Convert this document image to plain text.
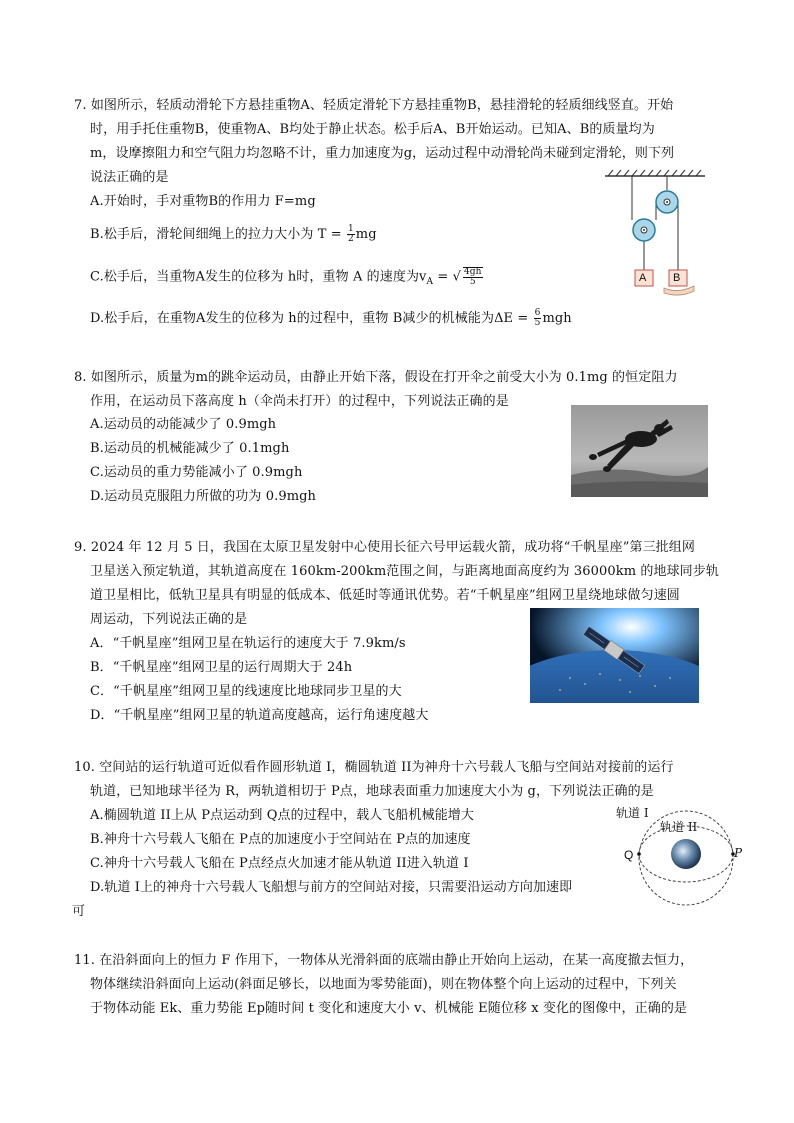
7. 如图所示，轻质动滑轮下方悬挂重物A、轻质定滑轮下方悬挂重物B，悬挂滑轮的轻质细线竖直。开始
时，用手托住重物B，使重物A、B均处于静止状态。松手后A、B开始运动。已知A、B的质量均为
m，设摩擦阻力和空气阻力均忽略不计，重力加速度为g，运动过程中动滑轮尚未碰到定滑轮，则下列
说法正确的是
A.开始时，手对重物B的作用力 F=mg
B.松手后，滑轮间细绳上的拉力大小为 $T = \frac{1}{2}$ mg
C.松手后，当重物A发生的位移为 h时，重物 A 的速度为$v_A$ = √ $\frac{4gh}{5}$
D.松手后，在重物A发生的位移为 h的过程中，重物 B减少的机械能为$\Delta E = \frac{6}{5}$ mgh
A B
8. 如图所示，质量为m的跳伞运动员，由静止开始下落，假设在打开伞之前受大小为 0.1mg 的恒定阻力
作用，在运动员下落高度 h（伞尚未打开）的过程中，下列说法正确的是
A.运动员的动能减少了 0.9mgh
B.运动员的机械能减少了 0.1mgh
C.运动员的重力势能减小了 0.9mgh
D.运动员克服阻力所做的功为 0.9mgh
9. 2024 年 12 月 5 日，我国在太原卫星发射中心使用长征六号甲运载火箭，成功将“千帆星座”第三批组网
卫星送入预定轨道，其轨道高度在 160km-200km范围之间，与距离地面高度约为 36000km 的地球同步轨
道卫星相比，低轨卫星具有明显的低成本、低延时等通讯优势。若“千帆星座”组网卫星绕地球做匀速圆
周运动，下列说法正确的是
A．“千帆星座”组网卫星在轨运行的速度大于 7.9km/s
B．“千帆星座”组网卫星的运行周期大于 24h
C．“千帆星座”组网卫星的线速度比地球同步卫星的大
D．“千帆星座”组网卫星的轨道高度越高，运行角速度越大
10. 空间站的运行轨道可近似看作圆形轨道 I，椭圆轨道 II为神舟十六号载人飞船与空间站对接前的运行
轨道，已知地球半径为 R，两轨道相切于 P点，地球表面重力加速度大小为 g，下列说法正确的是
A.椭圆轨道 II上从 P点运动到 Q点的过程中，载人飞船机械能增大
B.神舟十六号载人飞船在 P点的加速度小于空间站在 P点的加速度
C.神舟十六号载人飞船在 P点经点火加速才能从轨道 II进入轨道 I
D.轨道 I上的神舟十六号载人飞船想与前方的空间站对接，只需要沿运动方向加速即
可
轨道 I
轨道 II
Q	P
11. 在沿斜面向上的恒力 F 作用下，一物体从光滑斜面的底端由静止开始向上运动，在某一高度撤去恒力，
物体继续沿斜面向上运动(斜面足够长，以地面为零势能面)，则在物体整个向上运动的过程中，下列关
于物体动能 Ek、重力势能 Ep随时间 t 变化和速度大小 v、机械能 E随位移 x 变化的图像中，正确的是
